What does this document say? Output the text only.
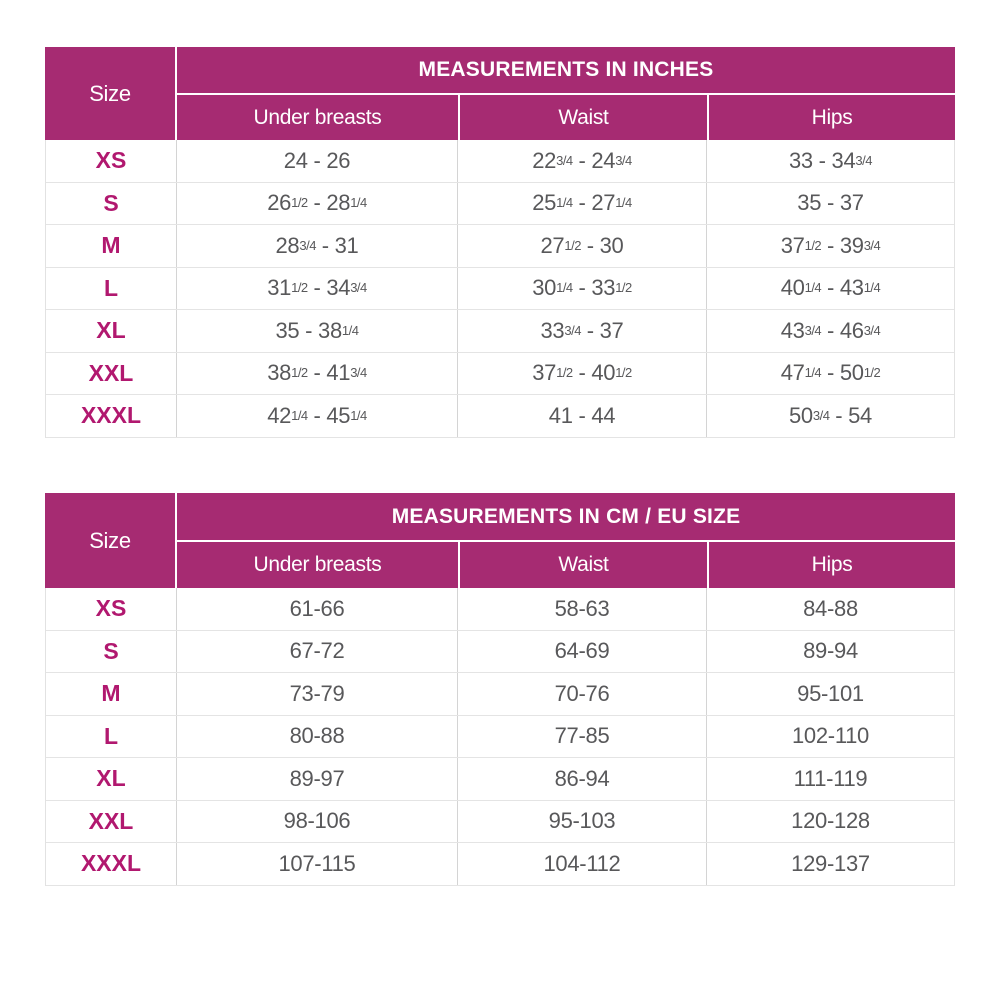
Size
MEASUREMENTS IN INCHES
Under breasts	Waist	Hips
XS	24 - 26	22 3/4 - 24 3/4	33 - 34 3/4
S	26 1/2 - 28 1/4	25 1/4 - 27 1/4	35 - 37
M	28 3/4 - 31	27 1/2 - 30	37 1/2 - 39 3/4
L	31 1/2 - 34 3/4	30 1/4 - 33 1/2	40 1/4 - 43 1/4
XL	35 - 38 1/4	33 3/4 - 37	43 3/4 - 46 3/4
XXL	38 1/2 - 41 3/4	37 1/2 - 40 1/2	47 1/4 - 50 1/2
XXXL	42 1/4 - 45 1/4	41 - 44	50 3/4 - 54
Size
MEASUREMENTS IN CM / EU SIZE
Under breasts	Waist	Hips
XS	61-66	58-63	84-88
S	67-72	64-69	89-94
M	73-79	70-76	95-101
L	80-88	77-85	102-110
XL	89-97	86-94	111-119
XXL	98-106	95-103	120-128
XXXL	107-115	104-112	129-137
